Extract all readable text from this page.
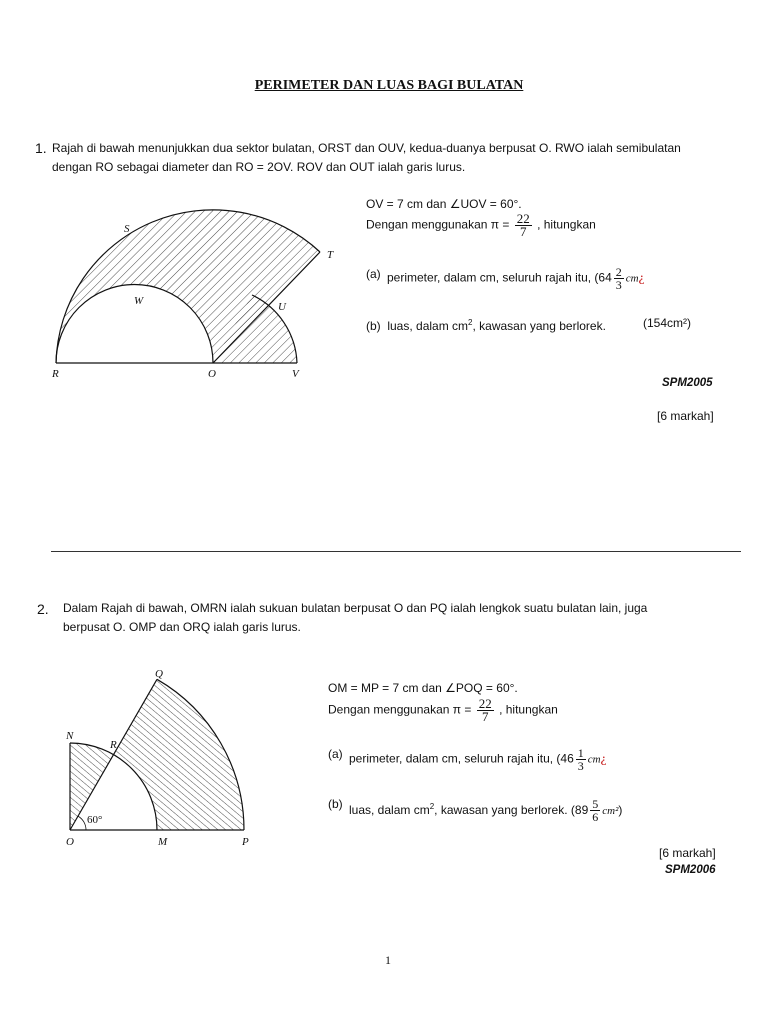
PERIMETER DAN LUAS BAGI BULATAN
1. Rajah di bawah menunjukkan dua sektor bulatan, ORST dan OUV, kedua-duanya berpusat O. RWO ialah semibulatan
dengan RO sebagai diameter dan RO = 2OV. ROV dan OUT ialah garis lurus.
S
T
W	U
R	O	V
OV = 7 cm dan ∠UOV = 60°.
Dengan menggunakan $\pi = \frac{22}{7}$ , hitungkan
(a) perimeter, dalam cm, seluruh rajah itu, ($64 \frac{2}{3}$ cm¿
(b) luas, dalam $cm^2$, kawasan yang berlorek.	(154cm²)
SPM2005
[6 markah]
2. Dalam Rajah di bawah, OMRN ialah sukuan bulatan berpusat O dan PQ ialah lengkok suatu bulatan lain, juga
berpusat O. OMP dan ORQ ialah garis lurus.
Q
N
R
60°
O	M	P
OM = MP = 7 cm dan ∠POQ = 60°.
Dengan menggunakan $\pi = \frac{22}{7}$ , hitungkan
(a) perimeter, dalam cm, seluruh rajah itu, ($46 \frac{1}{3}$ cm¿
(b) luas, dalam $cm^2$, kawasan yang berlorek. $(89 \frac{5}{6} cm^2)$
[6 markah]
SPM2006
1
